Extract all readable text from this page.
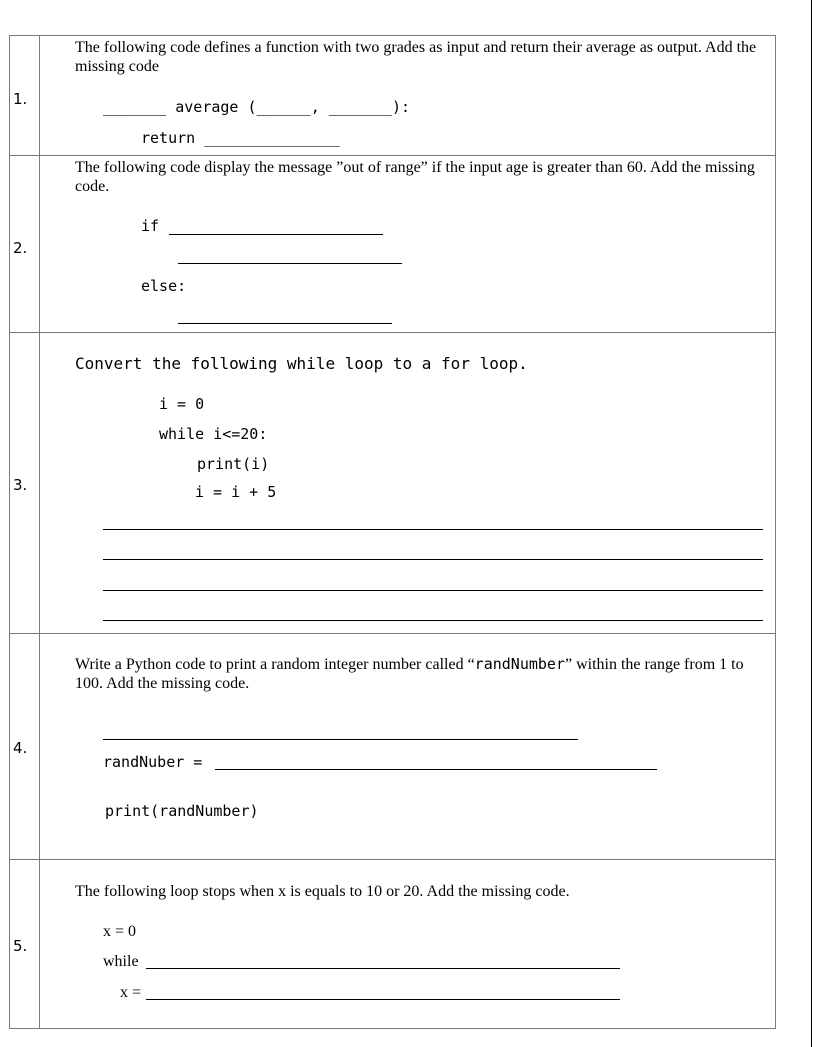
1.
The following code defines a function with two grades as input and return their average as output. Add the missing code
_______ average (______, _______):
return _______________
2.
The following code display the message ”out of range” if the input age is greater than 60. Add the missing code.
if
else:
3.
Convert the following while loop to a for loop.
i = 0
while i<=20:
print(i)
i = i + 5
4.
Write a Python code to print a random integer number called “randNumber” within the range from 1 to 100. Add the missing code.
randNuber =
print(randNumber)
5.
The following loop stops when x is equals to 10 or 20. Add the missing code.
x = 0
while
x =
